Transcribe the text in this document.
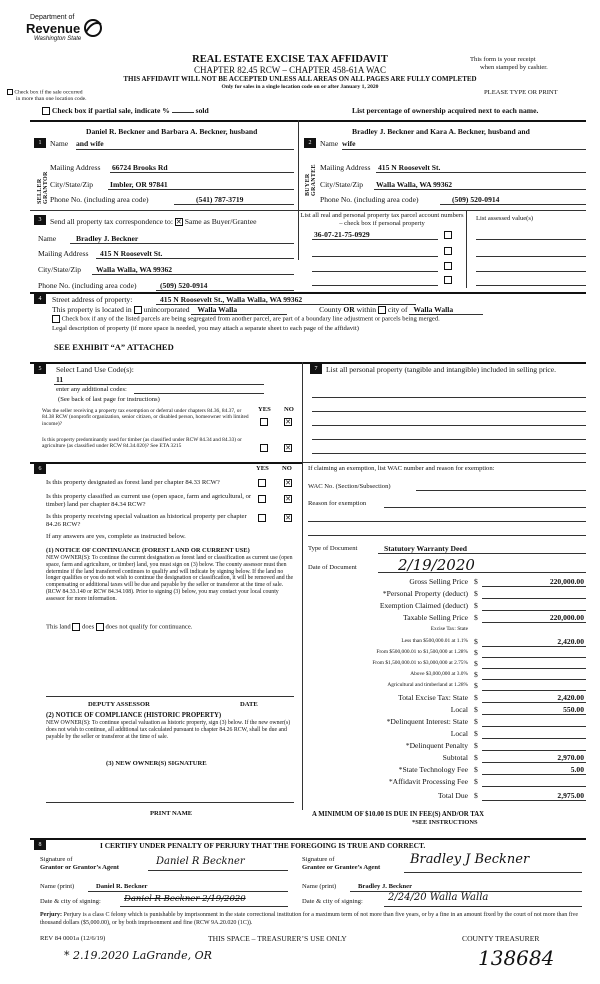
Department of
Revenue
Washington State
REAL ESTATE EXCISE TAX AFFIDAVIT
CHAPTER 82.45 RCW – CHAPTER 458-61A WAC
THIS AFFIDAVIT WILL NOT BE ACCEPTED UNLESS ALL AREAS ON ALL PAGES ARE FULLY COMPLETED
Only for sales in a single location code on or after January 1, 2020
This form is your receipt
when stamped by cashier.
PLEASE TYPE OR PRINT
Check box if the sale occurred
in more than one location code.
Check box if partial sale, indicate %	sold	List percentage of ownership acquired next to each name.
1
SELLER GRANTOR
Name
Daniel R. Beckner and Barbara A. Beckner, husband
and wife
Mailing Address 66724 Brooks Rd
City/State/Zip Imbler, OR 97841
Phone No. (including area code)	(541) 787-3719
2
BUYER GRANTEE
Name
Bradley J. Beckner and Kara A. Beckner, husband and
wife
Mailing Address 415 N Roosevelt St.
City/State/Zip Walla Walla, WA 99362
Phone No. (including area code)	(509) 520-0914
3	Send all property tax correspondence to: ✕ Same as Buyer/Grantee
Name	Bradley J. Beckner
Mailing Address 415 N Roosevelt St.
City/State/Zip Walla Walla, WA 99362
Phone No. (including area code)	(509) 520-0914
List all real and personal property tax parcel account numbers – check box if personal property
List assessed value(s)
36-07-21-75-0929
4	Street address of property:	415 N Roosevelt St., Walla Walla, WA 99362
This property is located in unincorporated Walla Walla	County OR within city of Walla Walla
Check box if any of the listed parcels are being segregated from another parcel, are part of a boundary line adjustment or parcels being merged.
Legal description of property (if more space is needed, you may attach a separate sheet to each page of the affidavit)
SEE EXHIBIT “A” ATTACHED
5	Select Land Use Code(s):
11
enter any additional codes:
(See back of last page for instructions)
YES NO
Was the seller receiving a property tax exemption or deferral under chapters 84.36, 84.37, or 84.38 RCW (nonprofit organization, senior citizen, or disabled person, homeowner with limited income)?	✕
Is this property predominantly used for timber (as classified under RCW 84.34 and 84.33) or agriculture (as classified under RCW 84.34.020)? See ETA 3215	✕
7	List all personal property (tangible and intangible) included in selling price.
6	YES NO
Is this property designated as forest land per chapter 84.33 RCW?	✕
Is this property classified as current use (open space, farm and agricultural, or timber) land per chapter 84.34 RCW?
✕
Is this property receiving special valuation as historical property per chapter 84.26 RCW?
✕
If any answers are yes, complete as instructed below.
(1) NOTICE OF CONTINUANCE (FOREST LAND OR CURRENT USE)
NEW OWNER(S): To continue the current designation as forest land or classification as current use (open space, farm and agriculture, or timber) land, you must sign on (3) below. The county assessor must then determine if the land transferred continues to qualify and will indicate by signing below. If the land no longer qualifies or you do not wish to continue the designation or classification, it will be removed and the compensating or additional taxes will be due and payable by the seller or transferor at the time of sale. (RCW 84.33.140 or RCW 84.34.108). Prior to signing (3) below, you may contact your local county assessor for more information.
This land does does not qualify for continuance.
DEPUTY ASSESSOR	DATE
(2) NOTICE OF COMPLIANCE (HISTORIC PROPERTY)
NEW OWNER(S): To continue special valuation as historic property, sign (3) below. If the new owner(s) does not wish to continue, all additional tax calculated pursuant to chapter 84.26 RCW, shall be due and payable by the seller or transferor at the time of sale.
(3) NEW OWNER(S) SIGNATURE
PRINT NAME
If claiming an exemption, list WAC number and reason for exemption:
WAC No. (Section/Subsection)
Reason for exemption
Type of Document	Statutory Warranty Deed
Date of Document	2/19/2020
Gross Selling Price $	220,000.00
*Personal Property (deduct) $
Exemption Claimed (deduct) $
Taxable Selling Price $	220,000.00
Excise Tax: State
Less than $500,000.01 at 1.1% $	2,420.00
From $500,000.01 to $1,500,000 at 1.28% $
From $1,500,000.01 to $3,000,000 at 2.75% $
Above $3,000,000 at 3.0% $
Agricultural and timberland at 1.28% $
Total Excise Tax: State $	2,420.00
Local $	550.00
*Delinquent Interest: State $
Local $
*Delinquent Penalty $
Subtotal $	2,970.00
*State Technology Fee $	5.00
*Affidavit Processing Fee $
Total Due $	2,975.00
A MINIMUM OF $10.00 IS DUE IN FEE(S) AND/OR TAX
*SEE INSTRUCTIONS
8	I CERTIFY UNDER PENALTY OF PERJURY THAT THE FOREGOING IS TRUE AND CORRECT.
Signature of
Grantor or Grantor’s Agent
Daniel R Beckner	Signature of
Grantee or Grantee’s Agent
Bradley J Beckner
Name (print)	Daniel R. Beckner	Name (print)	Bradley J. Beckner
Date & city of signing:	Daniel R Beckner 2/19/2020	Date & city of signing:	2/24/20 Walla Walla
Perjury: Perjury is a class C felony which is punishable by imprisonment in the state correctional institution for a maximum term of not more than five years, or by a fine in an amount fixed by the court of not more than five thousand dollars ($5,000.00), or by both imprisonment and fine (RCW 9A.20.020 (1C)).
REV 84 0001a (12/6/19)	THIS SPACE – TREASURER’S USE ONLY	COUNTY TREASURER
* 2.19.2020 LaGrande, OR	138684
